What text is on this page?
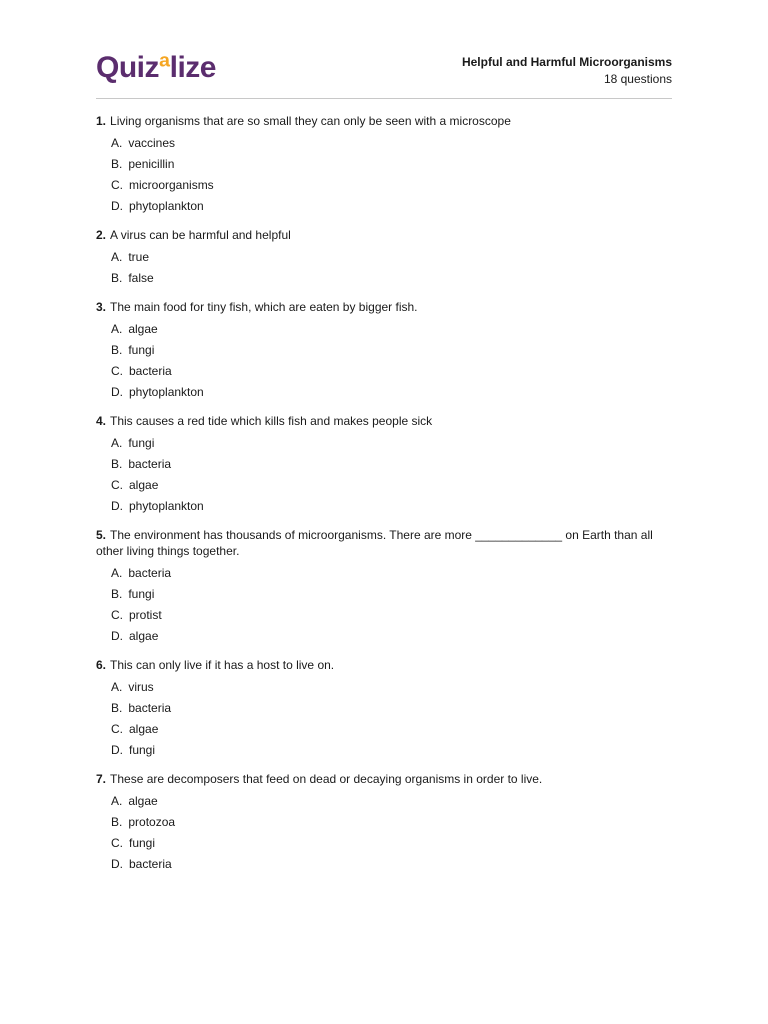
Quizªlize	Helpful and Harmful Microorganisms
18 questions
1. Living organisms that are so small they can only be seen with a microscope
A. vaccines
B. penicillin
C. microorganisms
D. phytoplankton
2. A virus can be harmful and helpful
A. true
B. false
3. The main food for tiny fish, which are eaten by bigger fish.
A. algae
B. fungi
C. bacteria
D. phytoplankton
4. This causes a red tide which kills fish and makes people sick
A. fungi
B. bacteria
C. algae
D. phytoplankton
5. The environment has thousands of microorganisms. There are more _____________ on Earth than all other living things together.
A. bacteria
B. fungi
C. protist
D. algae
6. This can only live if it has a host to live on.
A. virus
B. bacteria
C. algae
D. fungi
7. These are decomposers that feed on dead or decaying organisms in order to live.
A. algae
B. protozoa
C. fungi
D. bacteria
